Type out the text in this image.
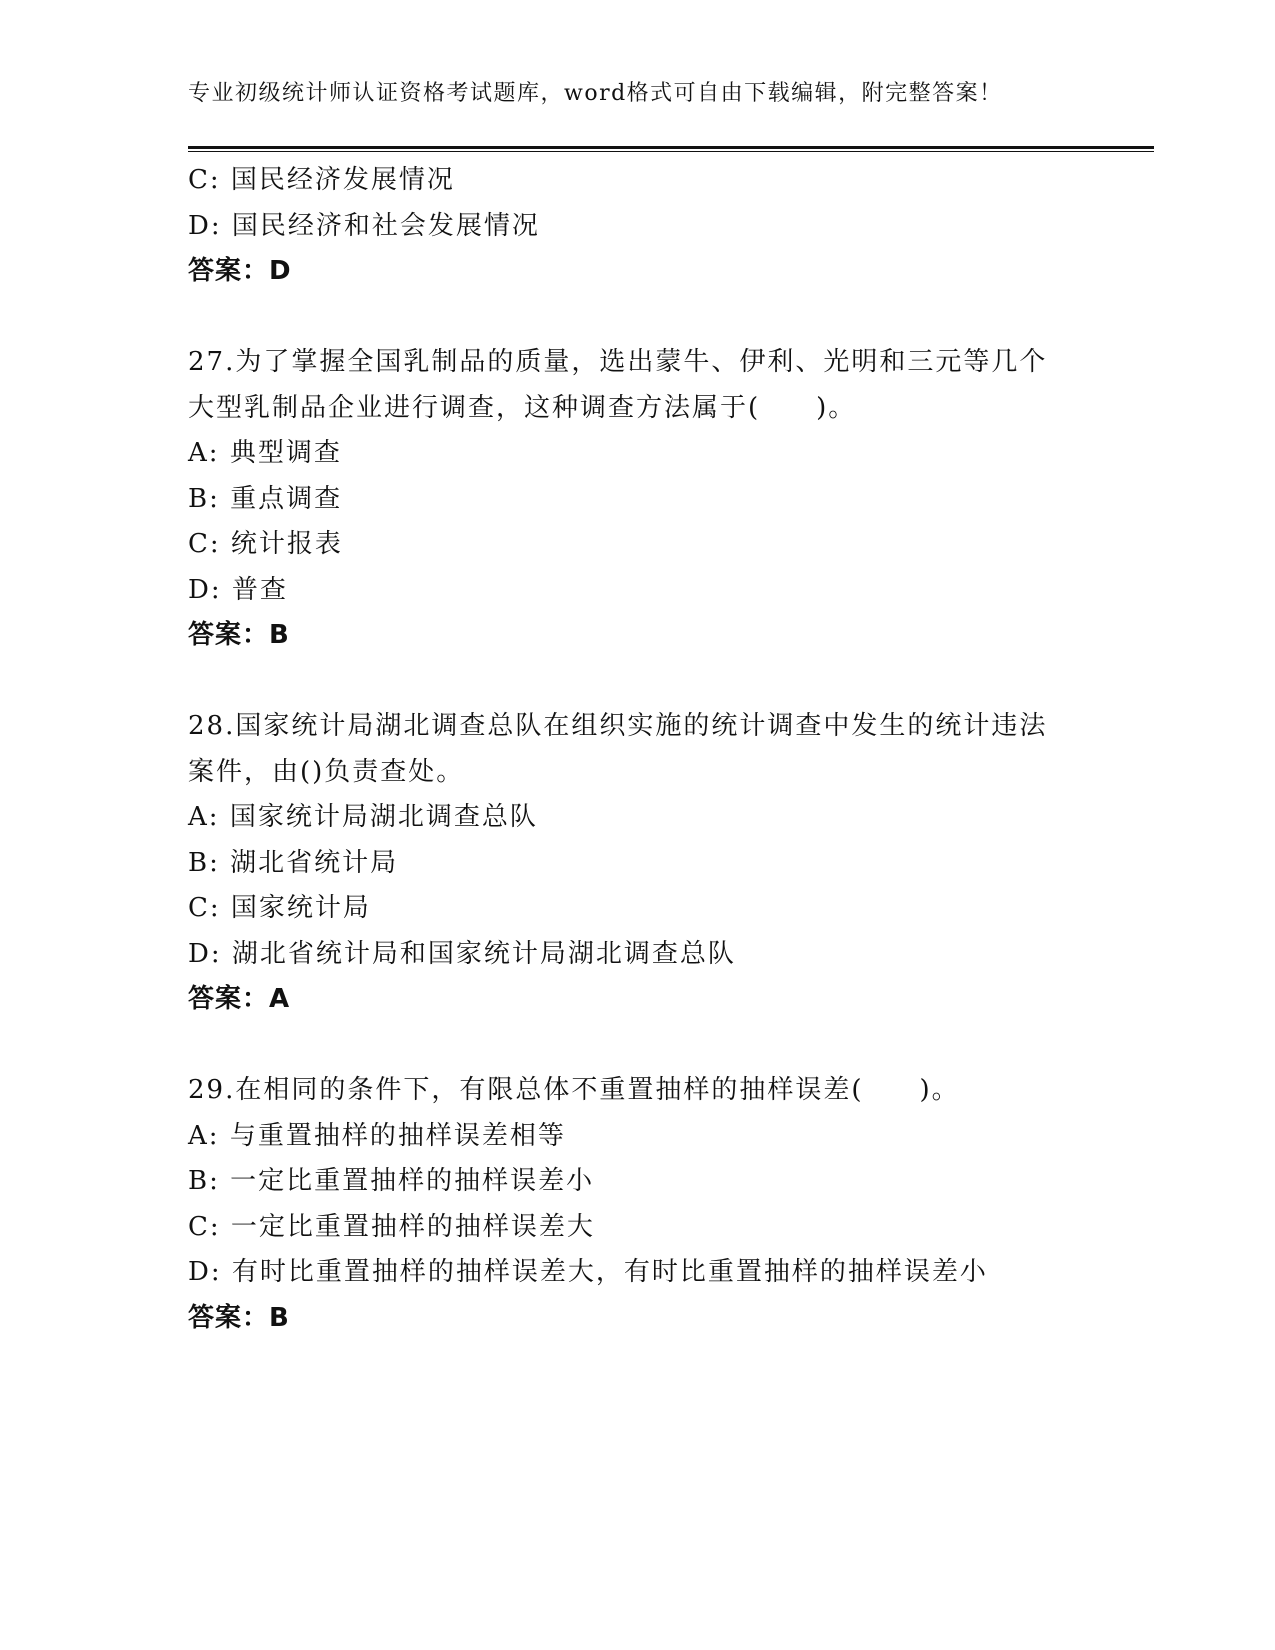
专业初级统计师认证资格考试题库，word格式可自由下载编辑，附完整答案！
C: 国民经济发展情况
D: 国民经济和社会发展情况
答案：D
27.为了掌握全国乳制品的质量，选出蒙牛、伊利、光明和三元等几个
大型乳制品企业进行调查，这种调查方法属于(　　)。
A: 典型调查
B: 重点调查
C: 统计报表
D: 普查
答案：B
28.国家统计局湖北调查总队在组织实施的统计调查中发生的统计违法
案件，由()负责查处。
A: 国家统计局湖北调查总队
B: 湖北省统计局
C: 国家统计局
D: 湖北省统计局和国家统计局湖北调查总队
答案：A
29.在相同的条件下，有限总体不重置抽样的抽样误差(　　)。
A: 与重置抽样的抽样误差相等
B: 一定比重置抽样的抽样误差小
C: 一定比重置抽样的抽样误差大
D: 有时比重置抽样的抽样误差大，有时比重置抽样的抽样误差小
答案：B
